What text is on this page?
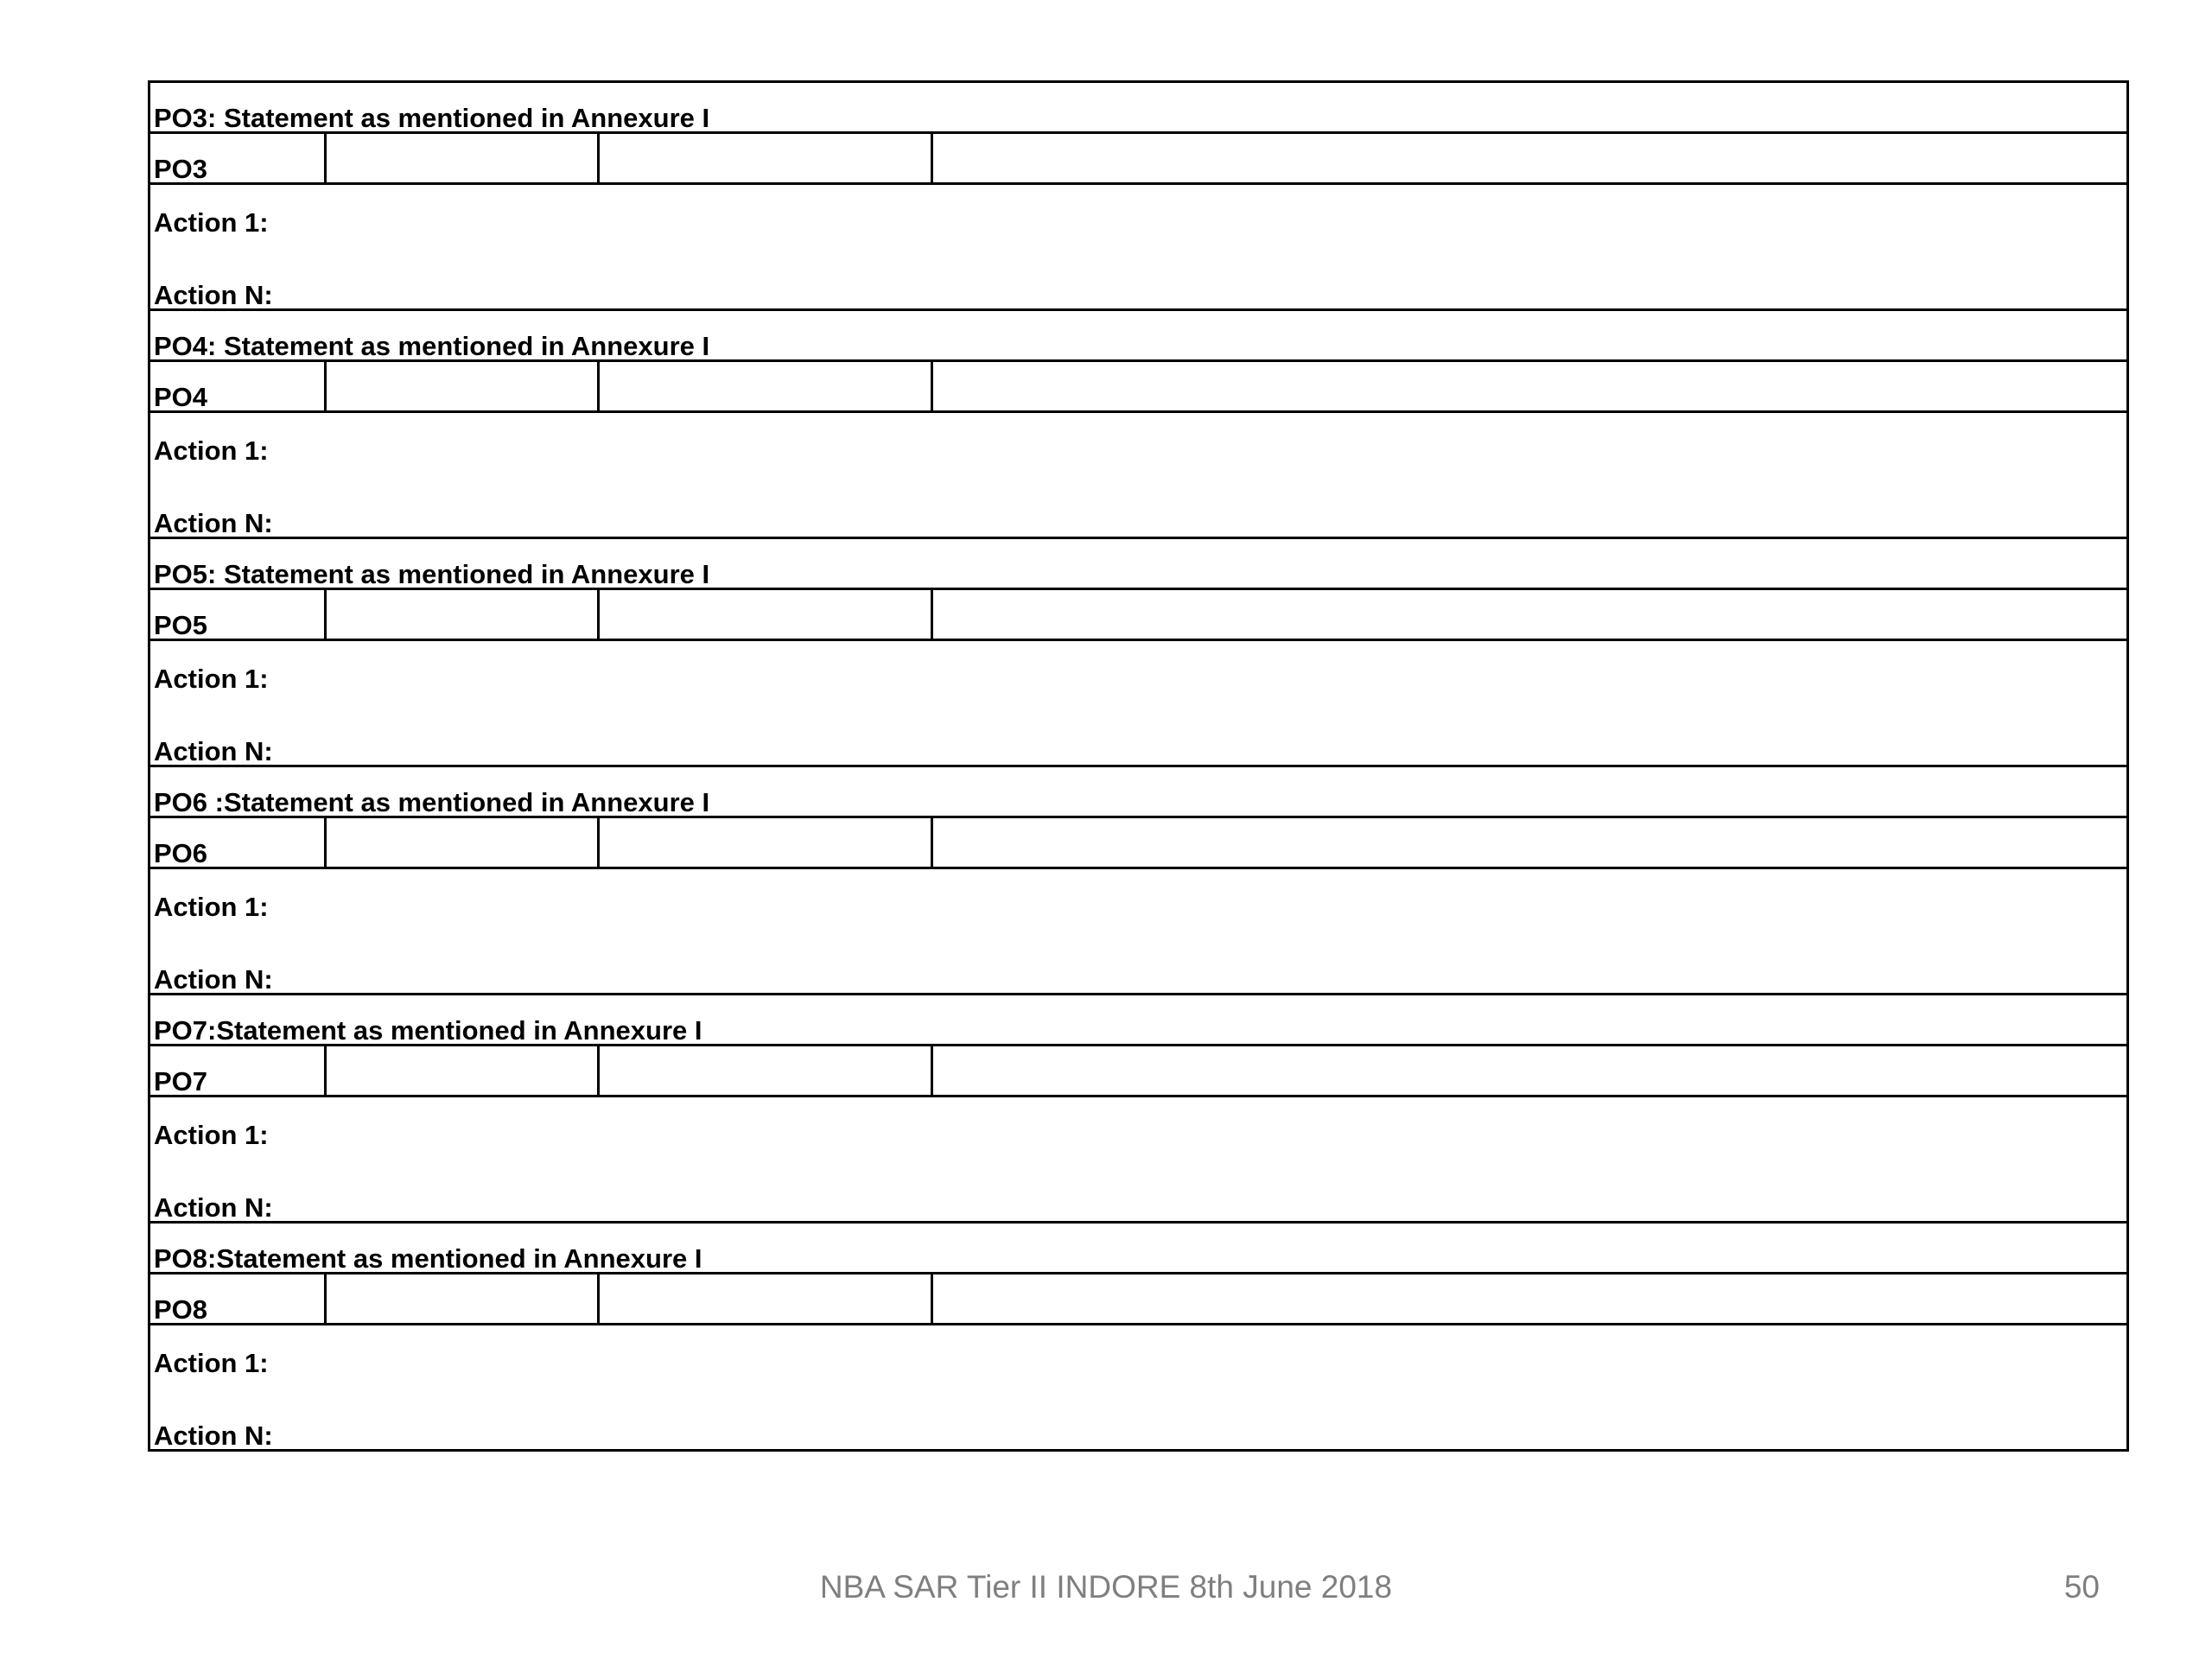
PO3: Statement as mentioned in Annexure I			
PO3			

Action 1:
Action N:			

PO4: Statement as mentioned in Annexure I			
PO4			

Action 1:
Action N:			

PO5: Statement as mentioned in Annexure I			
PO5			

Action 1:
Action N:			

PO6 :Statement as mentioned in Annexure I			
PO6			

Action 1:
Action N:			

PO7:Statement as mentioned in Annexure I			
PO7			

Action 1:
Action N:			

PO8:Statement as mentioned in Annexure I			
PO8			

Action 1:
Action N:			
NBA SAR Tier II INDORE 8th June 2018	50
